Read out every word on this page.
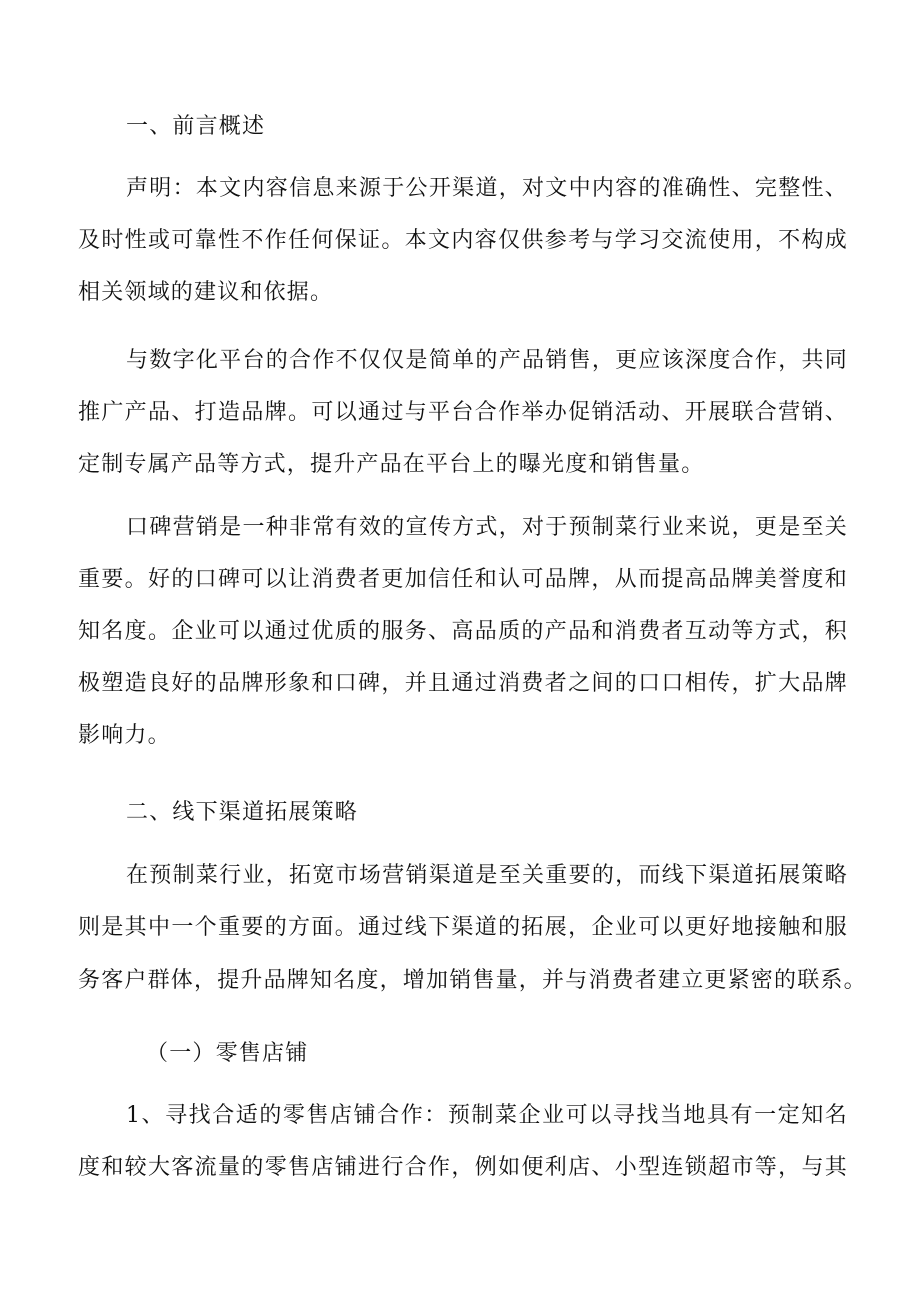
一、前言概述
声明：本文内容信息来源于公开渠道，对文中内容的准确性、完整性、
及时性或可靠性不作任何保证。本文内容仅供参考与学习交流使用，不构成
相关领域的建议和依据。
与数字化平台的合作不仅仅是简单的产品销售，更应该深度合作，共同
推广产品、打造品牌。可以通过与平台合作举办促销活动、开展联合营销、
定制专属产品等方式，提升产品在平台上的曝光度和销售量。
口碑营销是一种非常有效的宣传方式，对于预制菜行业来说，更是至关
重要。好的口碑可以让消费者更加信任和认可品牌，从而提高品牌美誉度和
知名度。企业可以通过优质的服务、高品质的产品和消费者互动等方式，积
极塑造良好的品牌形象和口碑，并且通过消费者之间的口口相传，扩大品牌
影响力。
二、线下渠道拓展策略
在预制菜行业，拓宽市场营销渠道是至关重要的，而线下渠道拓展策略
则是其中一个重要的方面。通过线下渠道的拓展，企业可以更好地接触和服
务客户群体，提升品牌知名度，增加销售量，并与消费者建立更紧密的联系。
（一）零售店铺
1、寻找合适的零售店铺合作：预制菜企业可以寻找当地具有一定知名
度和较大客流量的零售店铺进行合作，例如便利店、小型连锁超市等，与其
